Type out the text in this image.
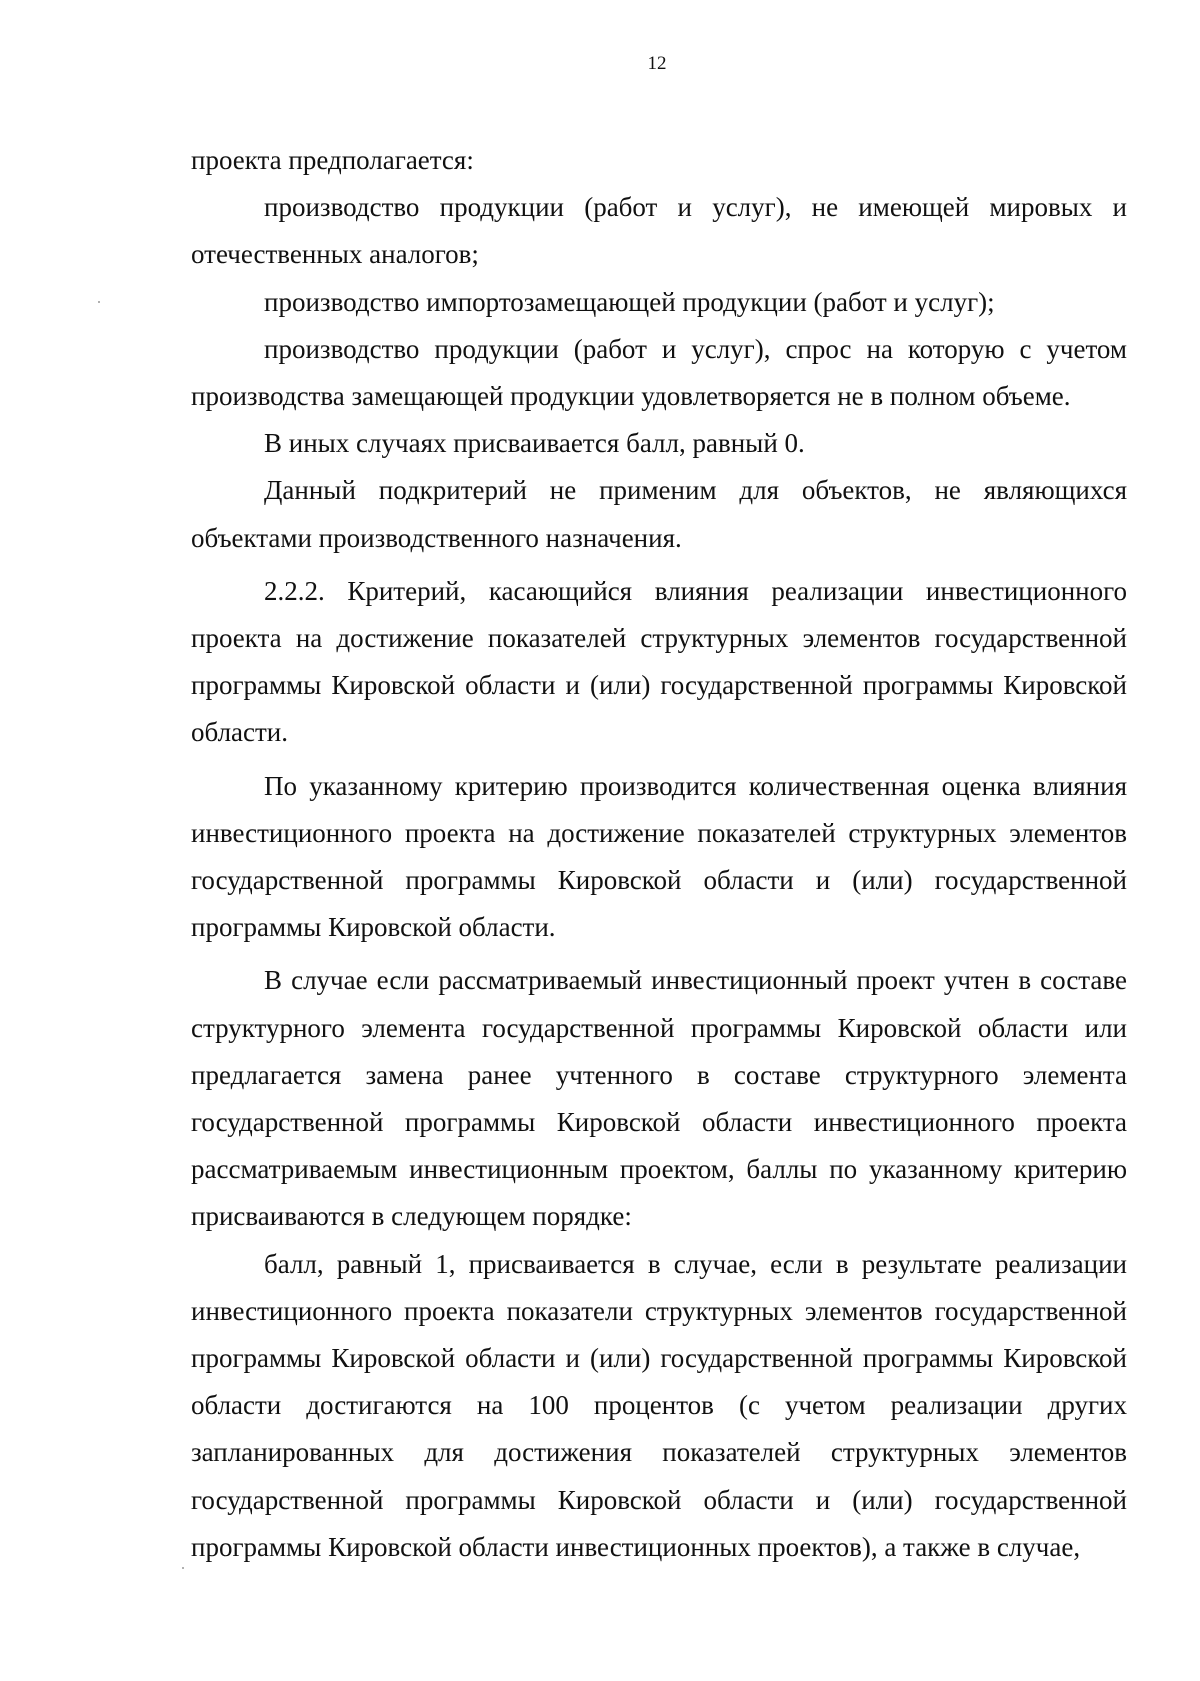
12

проекта предполагается:

производство продукции (работ и услуг), не имеющей мировых и отечественных аналогов;

производство импортозамещающей продукции (работ и услуг);

производство продукции (работ и услуг), спрос на которую с учетом производства замещающей продукции удовлетворяется не в полном объеме.

В иных случаях присваивается балл, равный 0.

Данный подкритерий не применим для объектов, не являющихся объектами производственного назначения.

2.2.2. Критерий, касающийся влияния реализации инвестиционного проекта на достижение показателей структурных элементов государственной программы Кировской области и (или) государственной программы Кировской области.

По указанному критерию производится количественная оценка влияния инвестиционного проекта на достижение показателей структурных элементов государственной программы Кировской области и (или) государственной программы Кировской области.

В случае если рассматриваемый инвестиционный проект учтен в составе структурного элемента государственной программы Кировской области или предлагается замена ранее учтенного в составе структурного элемента государственной программы Кировской области инвестиционного проекта рассматриваемым инвестиционным проектом, баллы по указанному критерию присваиваются в следующем порядке:

балл, равный 1, присваивается в случае, если в результате реализации инвестиционного проекта показатели структурных элементов государственной программы Кировской области и (или) государственной программы Кировской области достигаются на 100 процентов (с учетом реализации других запланированных для достижения показателей структурных элементов государственной программы Кировской области и (или) государственной программы Кировской области инвестиционных проектов), а также в случае,
